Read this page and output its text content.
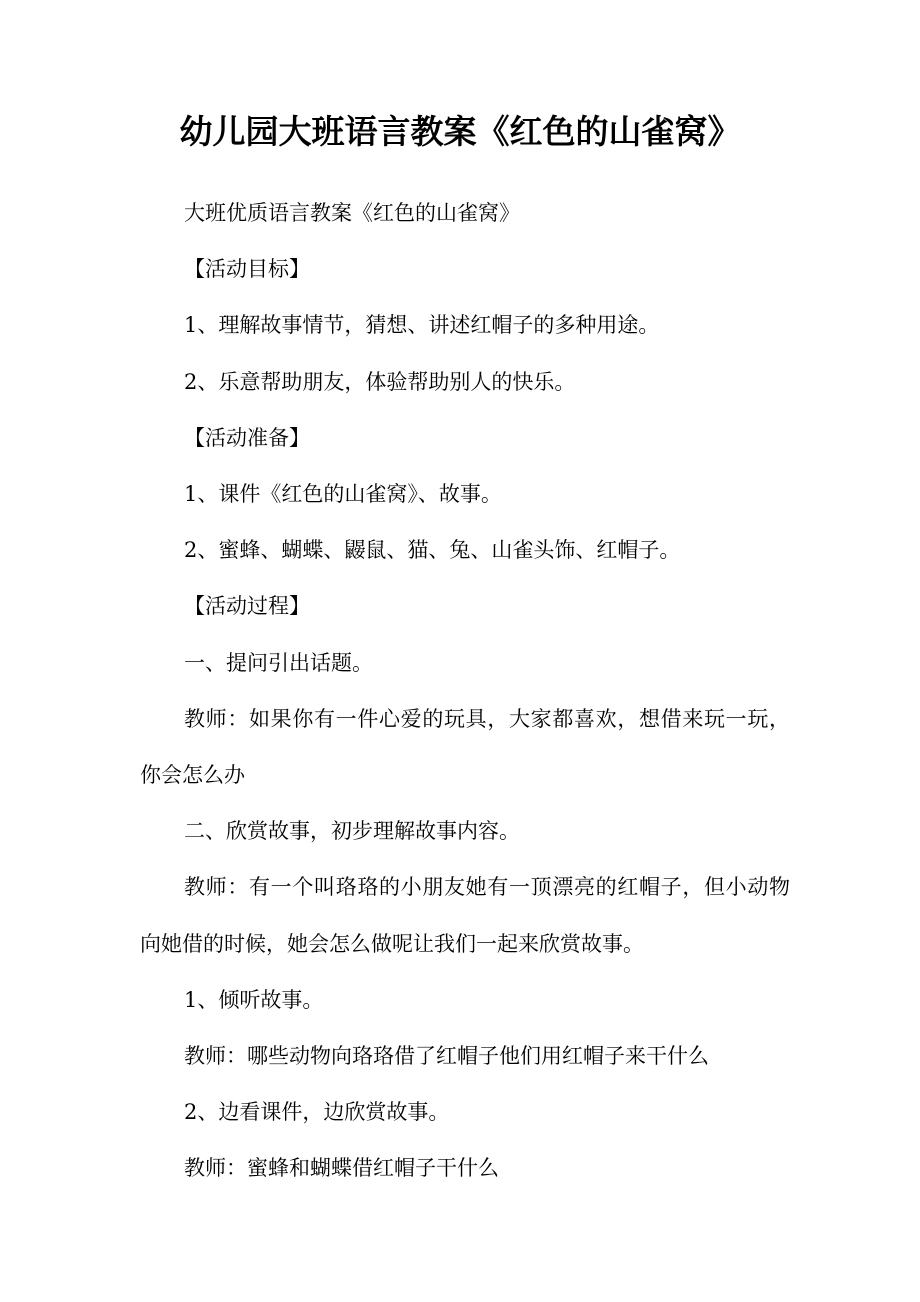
幼儿园大班语言教案《红色的山雀窝》

大班优质语言教案《红色的山雀窝》

【活动目标】

1、理解故事情节，猜想、讲述红帽子的多种用途。

2、乐意帮助朋友，体验帮助别人的快乐。

【活动准备】

1、课件《红色的山雀窝》、故事。

2、蜜蜂、蝴蝶、鼹鼠、猫、兔、山雀头饰、红帽子。

【活动过程】

一、提问引出话题。

教师：如果你有一件心爱的玩具，大家都喜欢，想借来玩一玩，你会怎么办

二、欣赏故事，初步理解故事内容。

教师：有一个叫珞珞的小朋友她有一顶漂亮的红帽子，但小动物向她借的时候，她会怎么做呢让我们一起来欣赏故事。

1、倾听故事。

教师：哪些动物向珞珞借了红帽子他们用红帽子来干什么

2、边看课件，边欣赏故事。

教师：蜜蜂和蝴蝶借红帽子干什么
